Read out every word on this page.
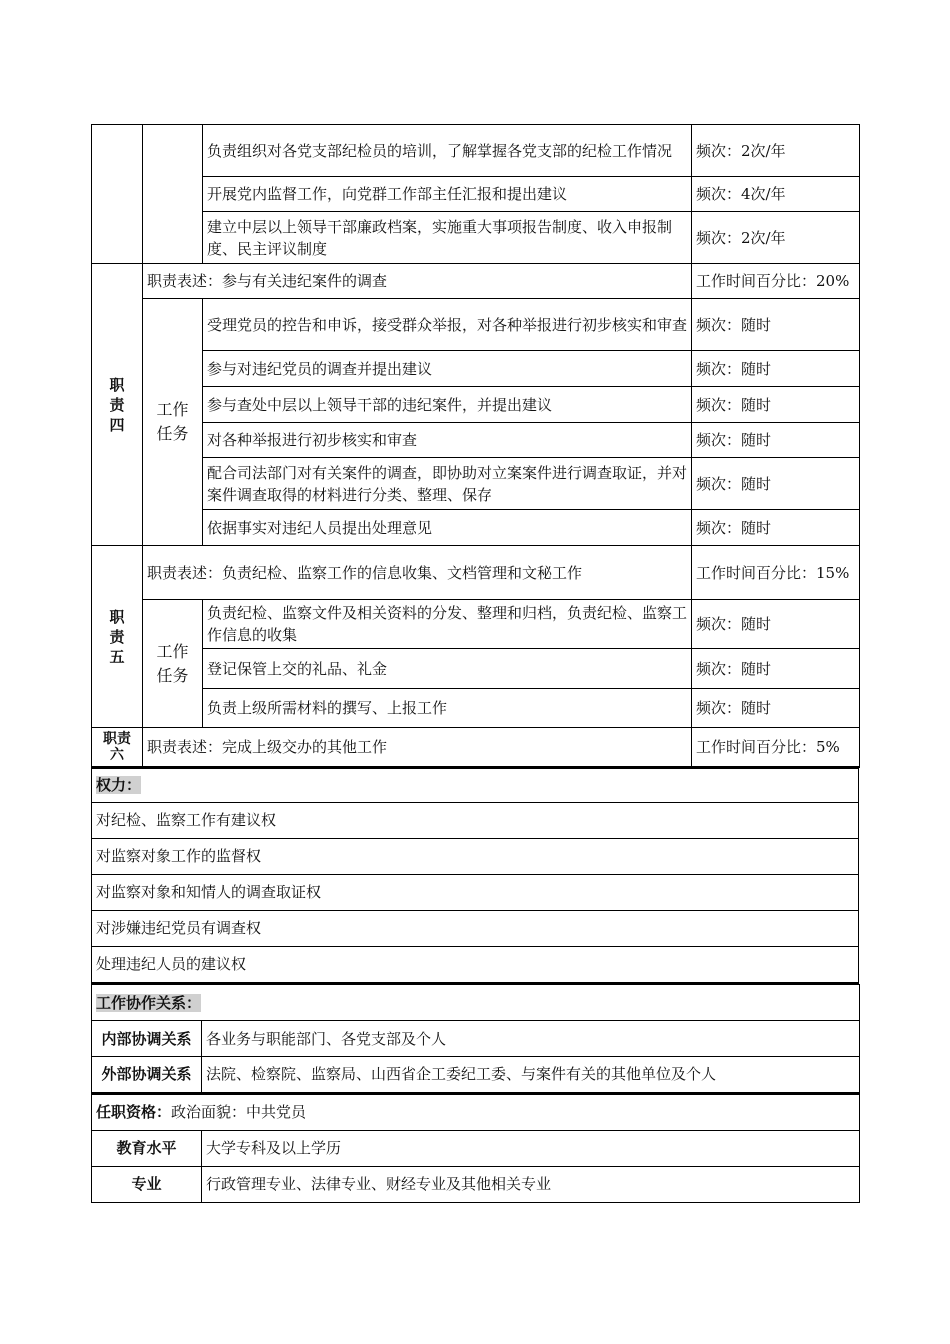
		负责组织对各党支部纪检员的培训，了解掌握各党支部的纪检工作情况	频次：2次/年
		开展党内监督工作，向党群工作部主任汇报和提出建议	频次：4次/年
		建立中层以上领导干部廉政档案，实施重大事项报告制度、收入申报制度、民主评议制度	频次：2次/年
职责四	职责表述：参与有关违纪案件的调查		工作时间百分比：20%
	工作任务	受理党员的控告和申诉，接受群众举报，对各种举报进行初步核实和审查	频次：随时
		参与对违纪党员的调查并提出建议	频次：随时
		参与查处中层以上领导干部的违纪案件，并提出建议	频次：随时
		对各种举报进行初步核实和审查	频次：随时
		配合司法部门对有关案件的调查，即协助对立案案件进行调查取证，并对案件调查取得的材料进行分类、整理、保存	频次：随时
		依据事实对违纪人员提出处理意见	频次：随时
职责五	职责表述：负责纪检、监察工作的信息收集、文档管理和文秘工作		工作时间百分比：15%
	工作任务	负责纪检、监察文件及相关资料的分发、整理和归档，负责纪检、监察工作信息的收集	频次：随时
		登记保管上交的礼品、礼金	频次：随时
		负责上级所需材料的撰写、上报工作	频次：随时
职责六	职责表述：完成上级交办的其他工作		工作时间百分比：5%
权力：
对纪检、监察工作有建议权
对监察对象工作的监督权
对监察对象和知情人的调查取证权
对涉嫌违纪党员有调查权
处理违纪人员的建议权
工作协作关系：	
内部协调关系	各业务与职能部门、各党支部及个人
外部协调关系	法院、检察院、监察局、山西省企工委纪工委、与案件有关的其他单位及个人
任职资格：政治面貌：中共党员	
教育水平	大学专科及以上学历
专业	行政管理专业、法律专业、财经专业及其他相关专业
